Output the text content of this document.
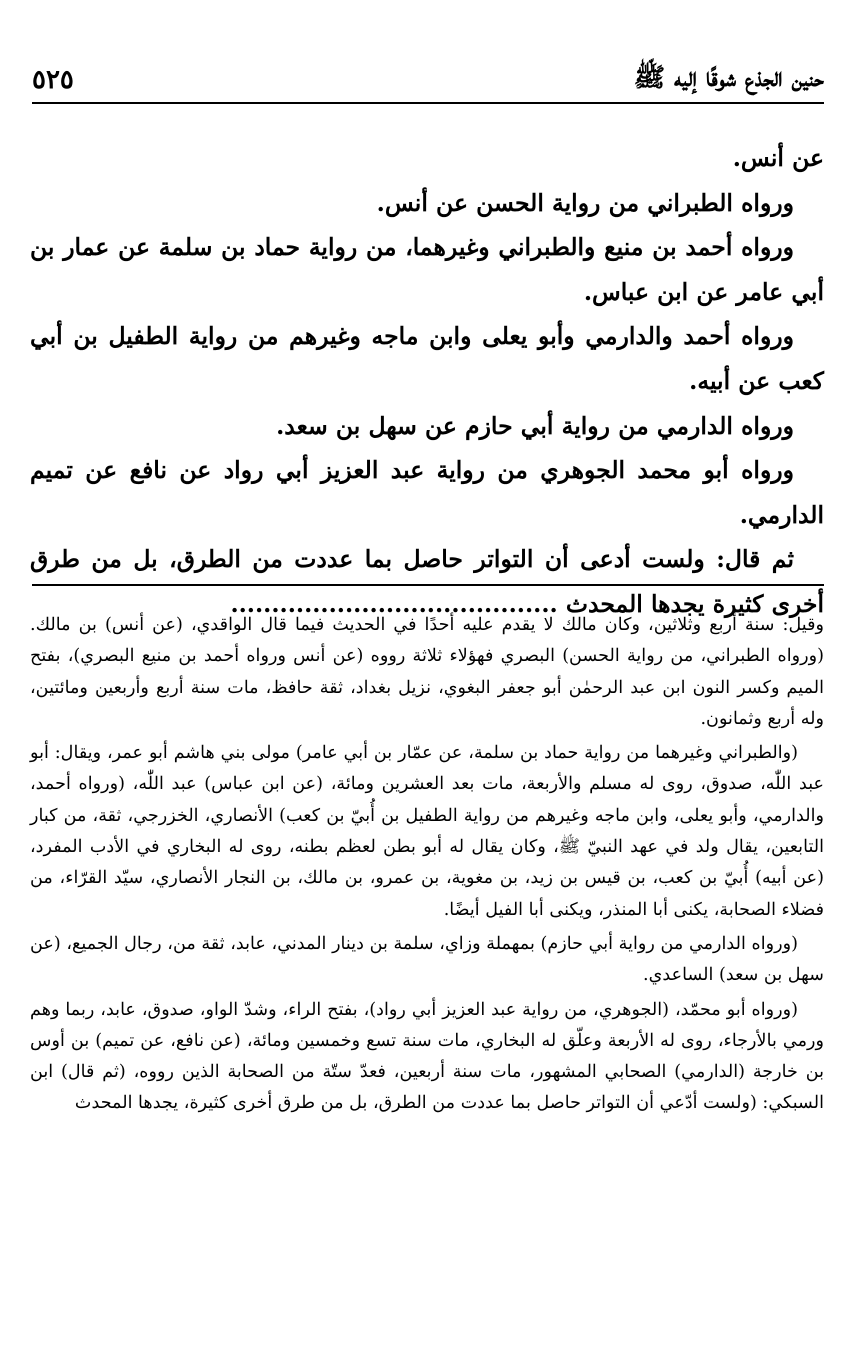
٥٢٥	حنين الجذع شوقًا إليه ﷺ

عن أنس.

ورواه الطبراني من رواية الحسن عن أنس.

ورواه أحمد بن منيع والطبراني وغيرهما، من رواية حماد بن سلمة عن عمار بن أبي عامر عن ابن عباس.

ورواه أحمد والدارمي وأبو يعلى وابن ماجه وغيرهم من رواية الطفيل بن أبي كعب عن أبيه.

ورواه الدارمي من رواية أبي حازم عن سهل بن سعد.

ورواه أبو محمد الجوهري من رواية عبد العزيز أبي رواد عن نافع عن تميم الدارمي.

ثم قال: ولست أدعى أن التواتر حاصل بما عددت من الطرق، بل من طرق أخرى كثيرة يجدها المحدث ........................................

وقيل: سنة أربع وثلاثين، وكان مالك لا يقدم عليه أحدًا في الحديث فيما قال الواقدي، (عن أنس) بن مالك. (ورواه الطبراني، من رواية الحسن) البصري فهؤلاء ثلاثة رووه (عن أنس ورواه أحمد بن منيع البصري)، بفتح الميم وكسر النون ابن عبد الرحمٰن أبو جعفر البغوي، نزيل بغداد، ثقة حافظ، مات سنة أربع وأربعين ومائتين، وله أربع وثمانون.

(والطبراني وغيرهما من رواية حماد بن سلمة، عن عمّار بن أبي عامر) مولى بني هاشم أبو عمر، ويقال: أبو عبد اللّٰه، صدوق، روى له مسلم والأربعة، مات بعد العشرين ومائة، (عن ابن عباس) عبد اللّٰه، (ورواه أحمد، والدارمي، وأبو يعلى، وابن ماجه وغيرهم من رواية الطفيل بن أُبيّ بن كعب) الأنصاري، الخزرجي، ثقة، من كبار التابعين، يقال ولد في عهد النبيّ ﷺ، وكان يقال له أبو بطن لعظم بطنه، روى له البخاري في الأدب المفرد، (عن أبيه) أُبيّ بن كعب، بن قيس بن زيد، بن مغوية، بن عمرو، بن مالك، بن النجار الأنصاري، سيّد القرّاء، من فضلاء الصحابة، يكنى أبا المنذر، ويكنى أبا الفيل أيضًا.

(ورواه الدارمي من رواية أبي حازم) بمهملة وزاي، سلمة بن دينار المدني، عابد، ثقة من، رجال الجميع، (عن سهل بن سعد) الساعدي.

(ورواه أبو محمّد، (الجوهري، من رواية عبد العزيز أبي رواد)، بفتح الراء، وشدّ الواو، صدوق، عابد، ربما وهم ورمي بالأرجاء، روى له الأربعة وعلّق له البخاري، مات سنة تسع وخمسين ومائة، (عن نافع، عن تميم) بن أوس بن خارجة (الدارمي) الصحابي المشهور، مات سنة أربعين، فعدّ ستّة من الصحابة الذين رووه، (ثم قال) ابن السبكي: (ولست أدّعي أن التواتر حاصل بما عددت من الطرق، بل من طرق أخرى كثيرة، يجدها المحدث
